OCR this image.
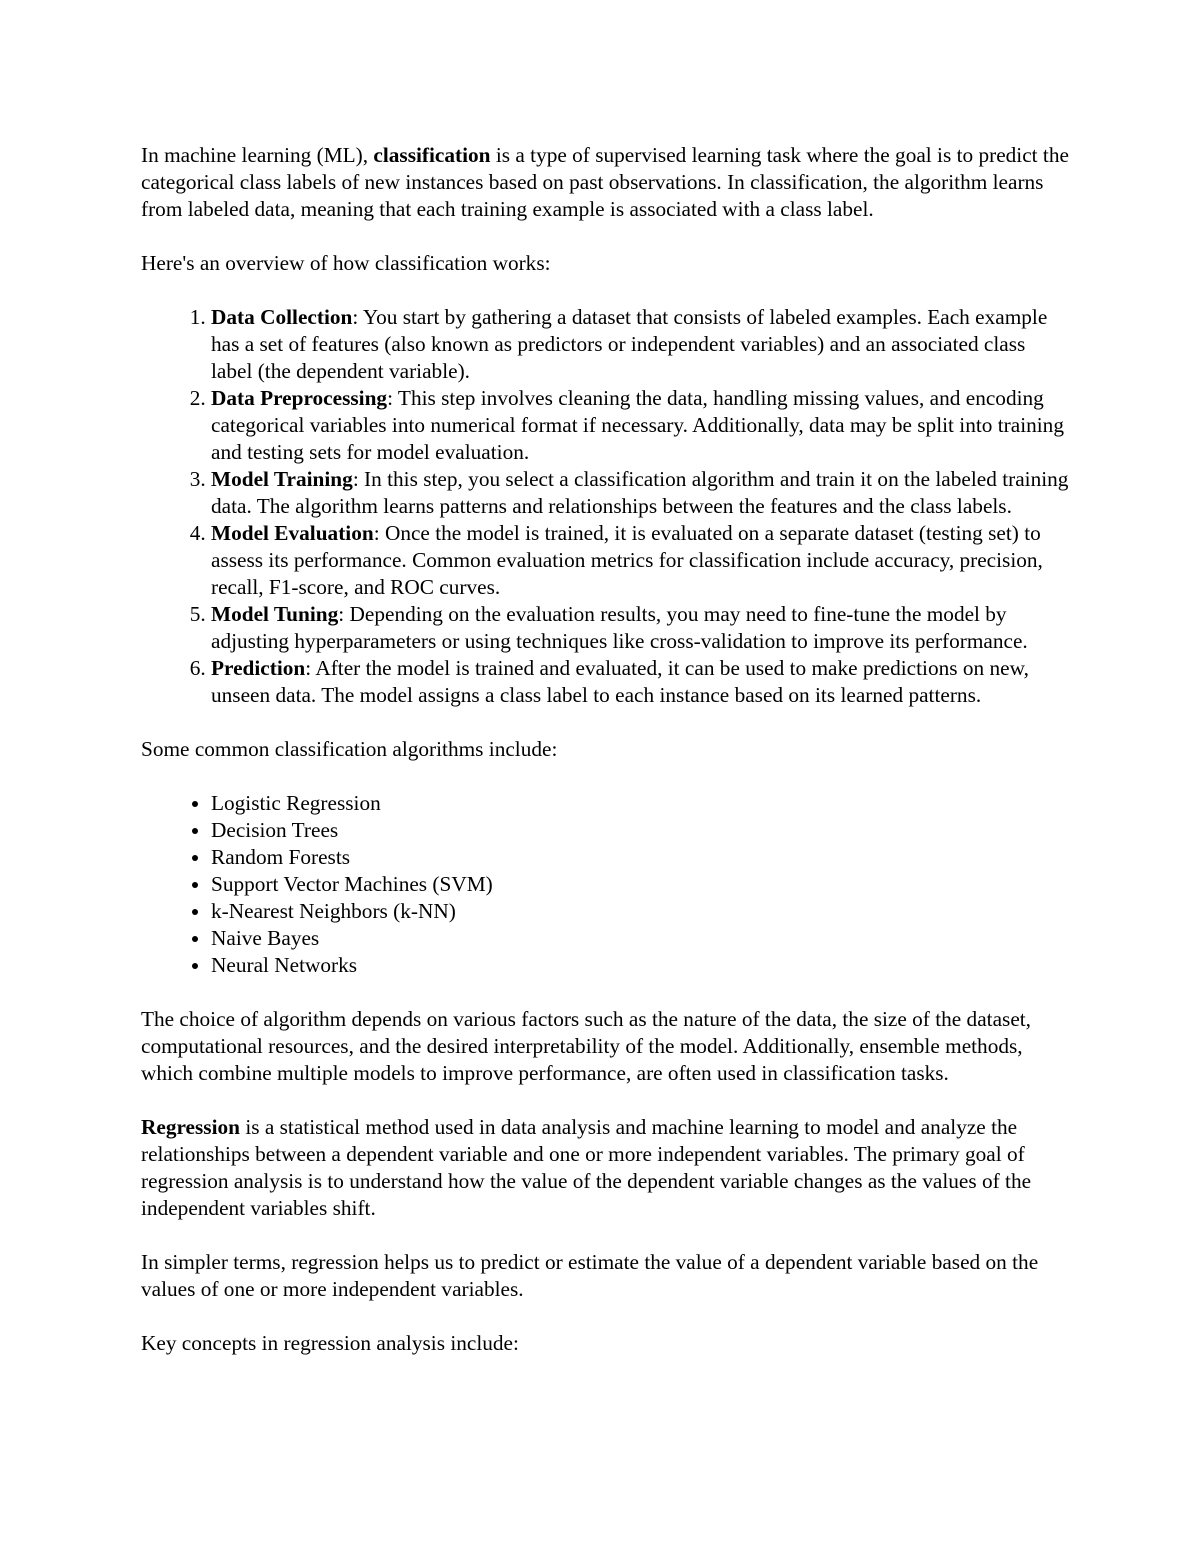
In machine learning (ML), classification is a type of supervised learning task where the goal is to predict the categorical class labels of new instances based on past observations. In classification, the algorithm learns from labeled data, meaning that each training example is associated with a class label.

Here's an overview of how classification works:

1. Data Collection: You start by gathering a dataset that consists of labeled examples. Each example has a set of features (also known as predictors or independent variables) and an associated class label (the dependent variable).
2. Data Preprocessing: This step involves cleaning the data, handling missing values, and encoding categorical variables into numerical format if necessary. Additionally, data may be split into training and testing sets for model evaluation.
3. Model Training: In this step, you select a classification algorithm and train it on the labeled training data. The algorithm learns patterns and relationships between the features and the class labels.
4. Model Evaluation: Once the model is trained, it is evaluated on a separate dataset (testing set) to assess its performance. Common evaluation metrics for classification include accuracy, precision, recall, F1-score, and ROC curves.
5. Model Tuning: Depending on the evaluation results, you may need to fine-tune the model by adjusting hyperparameters or using techniques like cross-validation to improve its performance.
6. Prediction: After the model is trained and evaluated, it can be used to make predictions on new, unseen data. The model assigns a class label to each instance based on its learned patterns.

Some common classification algorithms include:

• Logistic Regression
• Decision Trees
• Random Forests
• Support Vector Machines (SVM)
• k-Nearest Neighbors (k-NN)
• Naive Bayes
• Neural Networks

The choice of algorithm depends on various factors such as the nature of the data, the size of the dataset, computational resources, and the desired interpretability of the model. Additionally, ensemble methods, which combine multiple models to improve performance, are often used in classification tasks.

Regression is a statistical method used in data analysis and machine learning to model and analyze the relationships between a dependent variable and one or more independent variables. The primary goal of regression analysis is to understand how the value of the dependent variable changes as the values of the independent variables shift.

In simpler terms, regression helps us to predict or estimate the value of a dependent variable based on the values of one or more independent variables.

Key concepts in regression analysis include:
